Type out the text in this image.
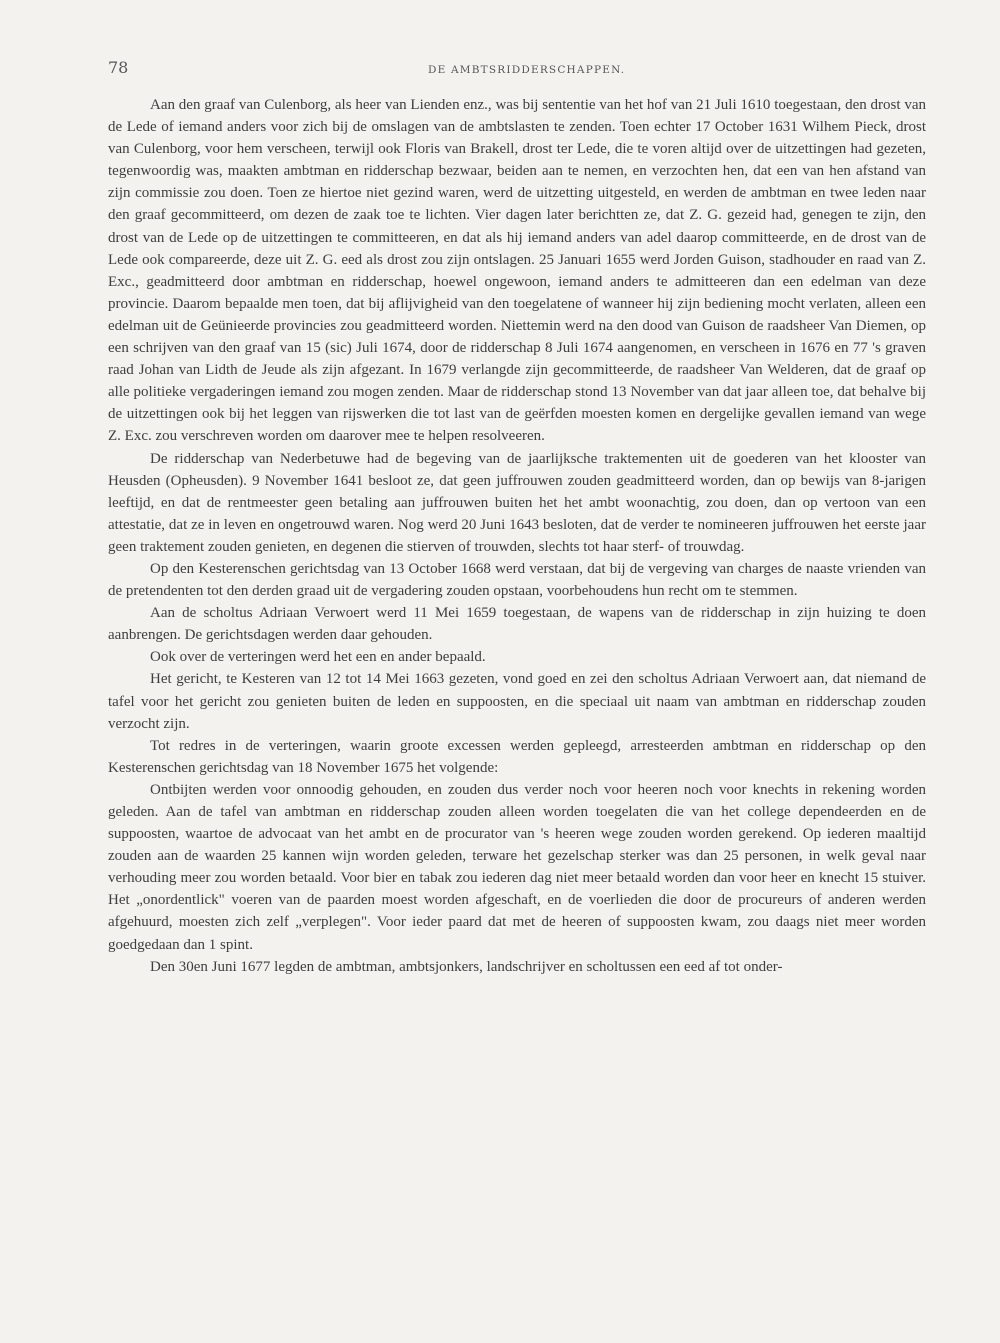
78	DE AMBTSRIDDERSCHAPPEN.

Aan den graaf van Culenborg, als heer van Lienden enz., was bij sententie van het hof van 21 Juli 1610 toegestaan, den drost van de Lede of iemand anders voor zich bij de omslagen van de ambtslasten te zenden. Toen echter 17 October 1631 Wilhem Pieck, drost van Culenborg, voor hem verscheen, terwijl ook Floris van Brakell, drost ter Lede, die te voren altijd over de uitzettingen had gezeten, tegenwoordig was, maakten ambtman en ridderschap bezwaar, beiden aan te nemen, en verzochten hen, dat een van hen afstand van zijn commissie zou doen. Toen ze hiertoe niet gezind waren, werd de uitzetting uitgesteld, en werden de ambtman en twee leden naar den graaf gecommitteerd, om dezen de zaak toe te lichten. Vier dagen later berichtten ze, dat Z. G. gezeid had, genegen te zijn, den drost van de Lede op de uitzettingen te committeeren, en dat als hij iemand anders van adel daarop committeerde, en de drost van de Lede ook compareerde, deze uit Z. G. eed als drost zou zijn ontslagen. 25 Januari 1655 werd Jorden Guison, stadhouder en raad van Z. Exc., geadmitteerd door ambtman en ridderschap, hoewel ongewoon, iemand anders te admitteeren dan een edelman van deze provincie. Daarom bepaalde men toen, dat bij aflijvigheid van den toegelatene of wanneer hij zijn bediening mocht verlaten, alleen een edelman uit de Geünieerde provincies zou geadmitteerd worden. Niettemin werd na den dood van Guison de raadsheer Van Diemen, op een schrijven van den graaf van 15 (sic) Juli 1674, door de ridderschap 8 Juli 1674 aangenomen, en verscheen in 1676 en 77 's graven raad Johan van Lidth de Jeude als zijn afgezant. In 1679 verlangde zijn gecommitteerde, de raadsheer Van Welderen, dat de graaf op alle politieke vergaderingen iemand zou mogen zenden. Maar de ridderschap stond 13 November van dat jaar alleen toe, dat behalve bij de uitzettingen ook bij het leggen van rijswerken die tot last van de geërfden moesten komen en dergelijke gevallen iemand van wege Z. Exc. zou verschreven worden om daarover mee te helpen resolveeren.

De ridderschap van Nederbetuwe had de begeving van de jaarlijksche traktementen uit de goederen van het klooster van Heusden (Opheusden). 9 November 1641 besloot ze, dat geen juffrouwen zouden geadmitteerd worden, dan op bewijs van 8-jarigen leeftijd, en dat de rentmeester geen betaling aan juffrouwen buiten het het ambt woonachtig, zou doen, dan op vertoon van een attestatie, dat ze in leven en ongetrouwd waren. Nog werd 20 Juni 1643 besloten, dat de verder te nomineeren juffrouwen het eerste jaar geen traktement zouden genieten, en degenen die stierven of trouwden, slechts tot haar sterf- of trouwdag.

Op den Kesterenschen gerichtsdag van 13 October 1668 werd verstaan, dat bij de vergeving van charges de naaste vrienden van de pretendenten tot den derden graad uit de vergadering zouden opstaan, voorbehoudens hun recht om te stemmen.

Aan de scholtus Adriaan Verwoert werd 11 Mei 1659 toegestaan, de wapens van de ridderschap in zijn huizing te doen aanbrengen. De gerichtsdagen werden daar gehouden.

Ook over de verteringen werd het een en ander bepaald.

Het gericht, te Kesteren van 12 tot 14 Mei 1663 gezeten, vond goed en zei den scholtus Adriaan Verwoert aan, dat niemand de tafel voor het gericht zou genieten buiten de leden en suppoosten, en die speciaal uit naam van ambtman en ridderschap zouden verzocht zijn.

Tot redres in de verteringen, waarin groote excessen werden gepleegd, arresteerden ambtman en ridderschap op den Kesterenschen gerichtsdag van 18 November 1675 het volgende:

Ontbijten werden voor onnoodig gehouden, en zouden dus verder noch voor heeren noch voor knechts in rekening worden geleden. Aan de tafel van ambtman en ridderschap zouden alleen worden toegelaten die van het college dependeerden en de suppoosten, waartoe de advocaat van het ambt en de procurator van 's heeren wege zouden worden gerekend. Op iederen maaltijd zouden aan de waarden 25 kannen wijn worden geleden, terware het gezelschap sterker was dan 25 personen, in welk geval naar verhouding meer zou worden betaald. Voor bier en tabak zou iederen dag niet meer betaald worden dan voor heer en knecht 15 stuiver. Het „onordentlick" voeren van de paarden moest worden afgeschaft, en de voerlieden die door de procureurs of anderen werden afgehuurd, moesten zich zelf „verplegen". Voor ieder paard dat met de heeren of suppoosten kwam, zou daags niet meer worden goedgedaan dan 1 spint.

Den 30en Juni 1677 legden de ambtman, ambtsjonkers, landschrijver en scholtussen een eed af tot onder-
